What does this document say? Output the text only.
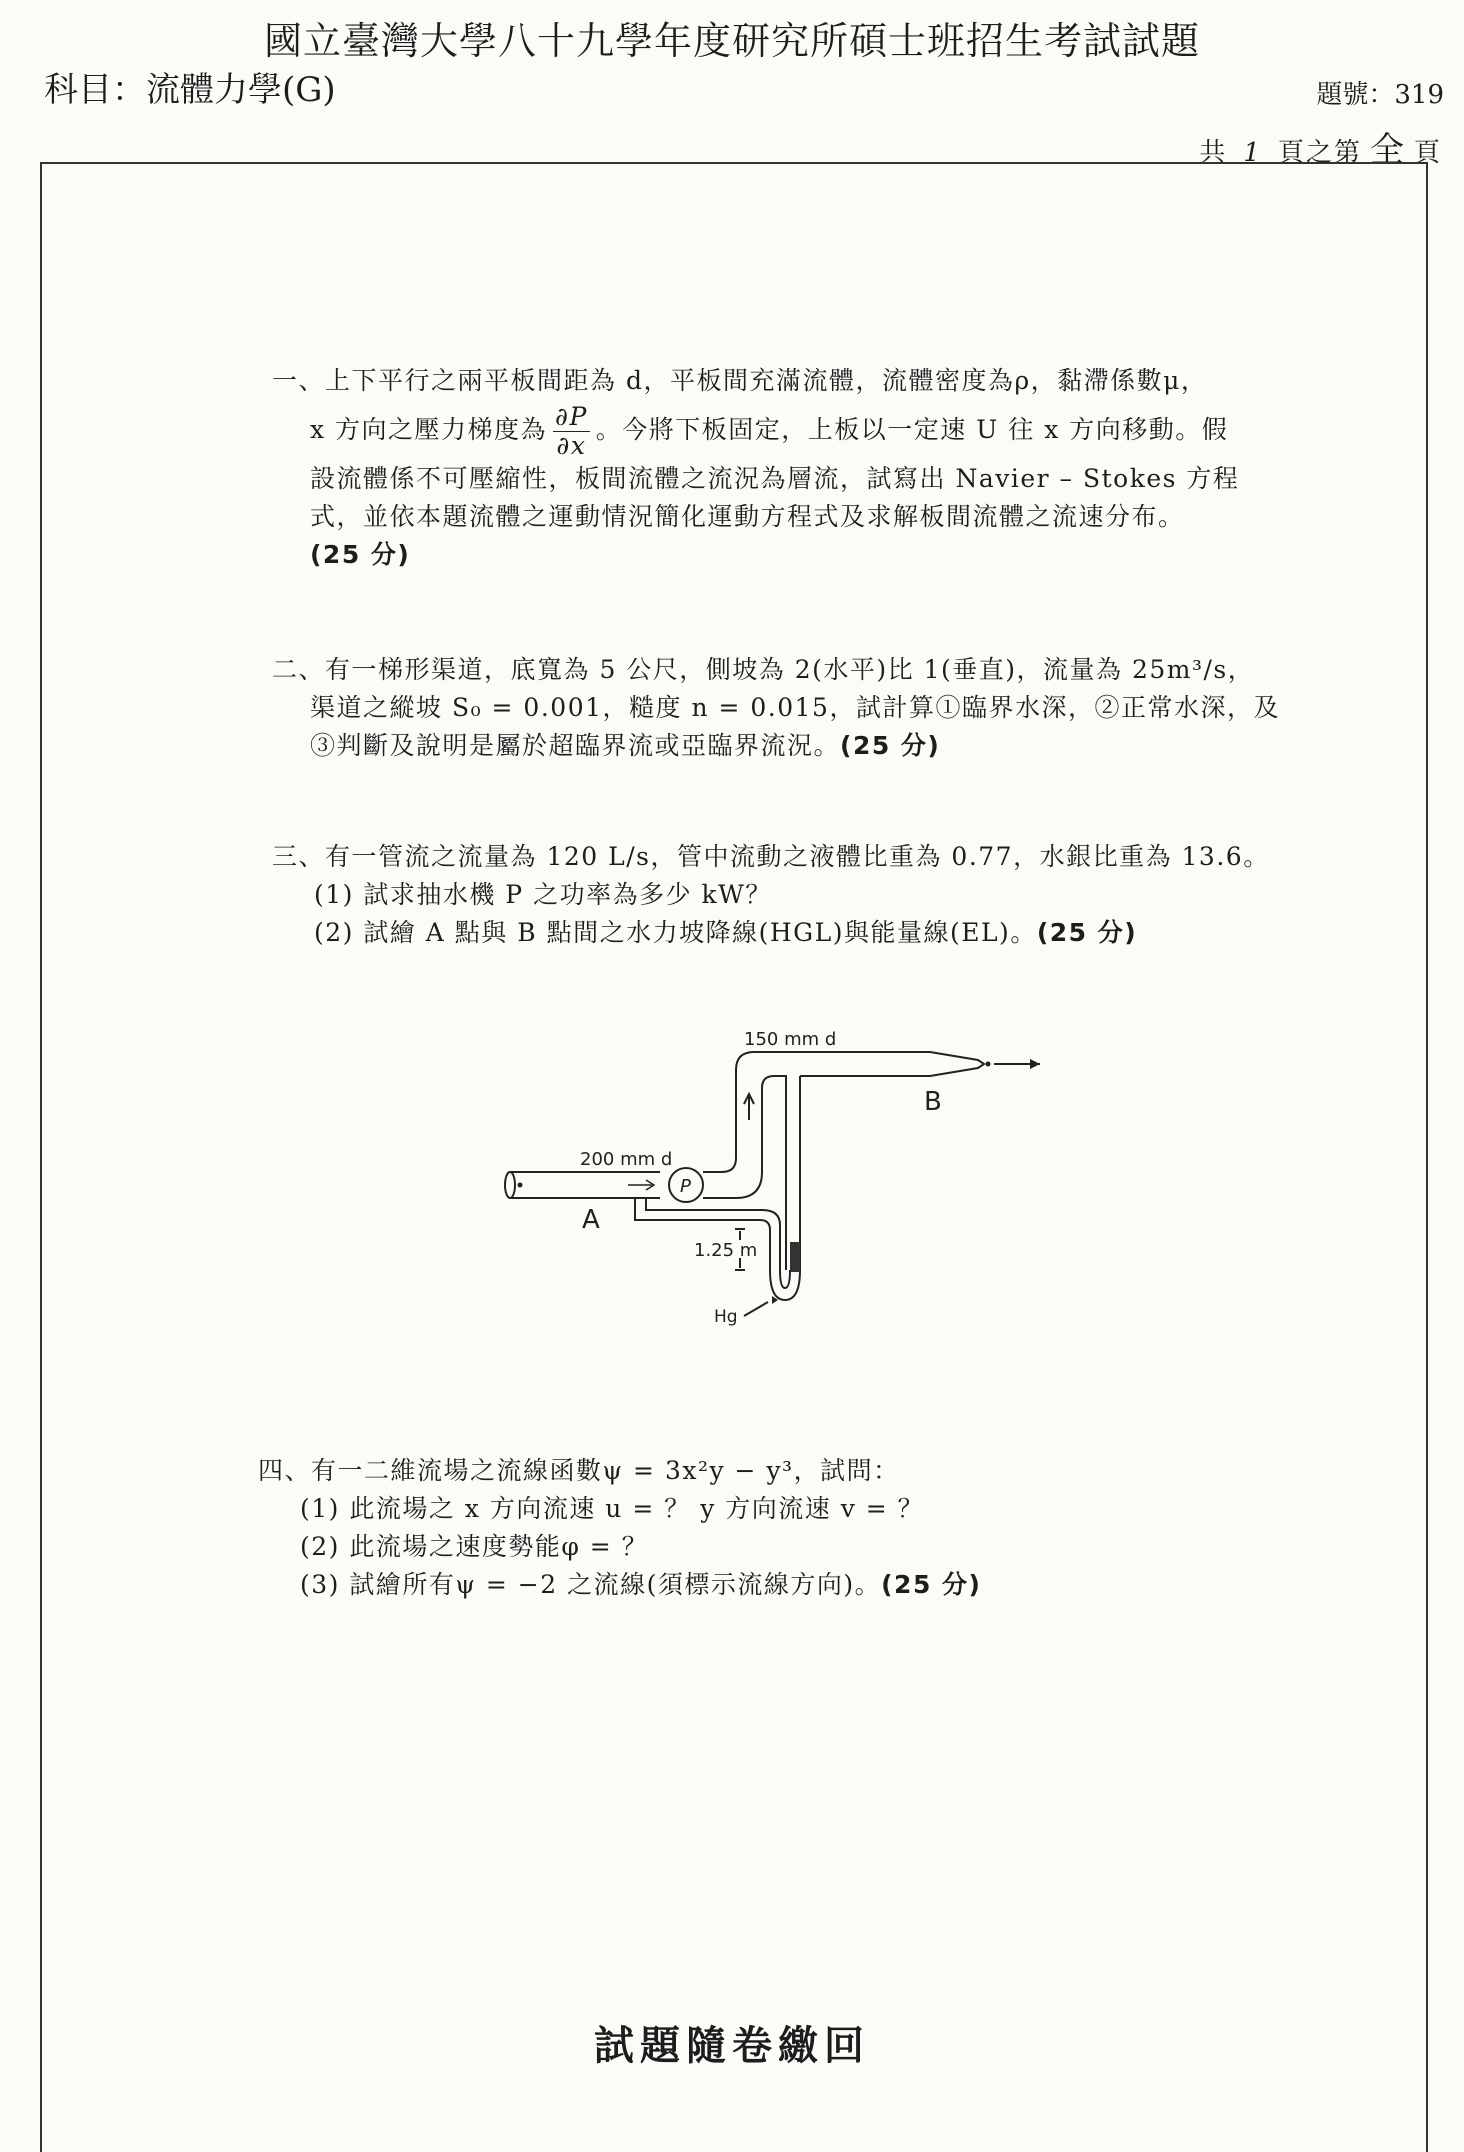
國立臺灣大學八十九學年度研究所碩士班招生考試試題
科目：流體力學(G)	題號：319
共 1 頁之第 全 頁
一、上下平行之兩平板間距為 d，平板間充滿流體，流體密度為ρ，黏滯係數μ，
x 方向之壓力梯度為 $\frac{\partial P}{\partial x}$ 。今將下板固定，上板以一定速 U 往 x 方向移動。假
設流體係不可壓縮性，板間流體之流況為層流，試寫出 Navier – Stokes 方程
式，並依本題流體之運動情況簡化運動方程式及求解板間流體之流速分布。
(25 分)
二、有一梯形渠道，底寬為 5 公尺，側坡為 2(水平)比 1(垂直)，流量為 25m³/s，
渠道之縱坡 S₀ = 0.001，糙度 n = 0.015，試計算①臨界水深，②正常水深，及
③判斷及說明是屬於超臨界流或亞臨界流況。(25 分)
三、有一管流之流量為 120 L/s，管中流動之液體比重為 0.77，水銀比重為 13.6。
(1) 試求抽水機 P 之功率為多少 kW？
(2) 試繪 A 點與 B 點間之水力坡降線(HGL)與能量線(EL)。(25 分)
150 mm d
200 mm d
P
A
B
1.25 m
Hg
四、有一二維流場之流線函數ψ = 3x²y − y³，試問：
(1) 此流場之 x 方向流速 u = ？ y 方向流速 v = ？
(2) 此流場之速度勢能φ = ？
(3) 試繪所有ψ = −2 之流線(須標示流線方向)。(25 分)
試題隨卷繳回
